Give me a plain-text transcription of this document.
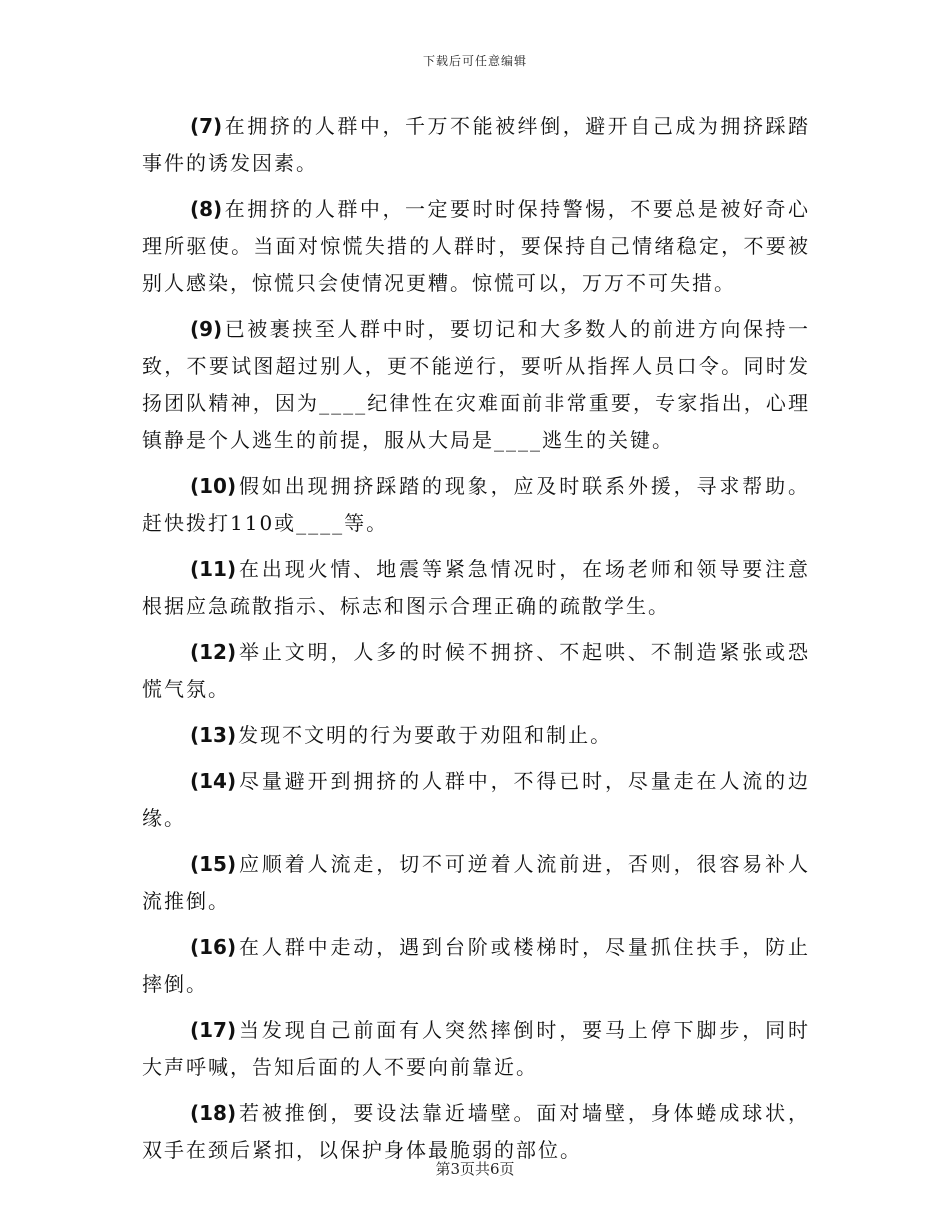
下载后可任意编辑

(7) 在拥挤的人群中，千万不能被绊倒，避开自己成为拥挤踩踏事件的诱发因素。

(8) 在拥挤的人群中，一定要时时保持警惕，不要总是被好奇心理所驱使。当面对惊慌失措的人群时，要保持自己情绪稳定，不要被别人感染，惊慌只会使情况更糟。惊慌可以，万万不可失措。

(9) 已被裹挟至人群中时，要切记和大多数人的前进方向保持一致，不要试图超过别人，更不能逆行，要听从指挥人员口令。同时发扬团队精神，因为____纪律性在灾难面前非常重要，专家指出，心理镇静是个人逃生的前提，服从大局是____逃生的关键。

(10) 假如出现拥挤踩踏的现象，应及时联系外援，寻求帮助。赶快拨打110或____等。

(11) 在出现火情、地震等紧急情况时，在场老师和领导要注意根据应急疏散指示、标志和图示合理正确的疏散学生。

(12) 举止文明，人多的时候不拥挤、不起哄、不制造紧张或恐慌气氛。

(13) 发现不文明的行为要敢于劝阻和制止。

(14) 尽量避开到拥挤的人群中，不得已时，尽量走在人流的边缘。

(15) 应顺着人流走，切不可逆着人流前进，否则，很容易补人流推倒。

(16) 在人群中走动，遇到台阶或楼梯时，尽量抓住扶手，防止摔倒。

(17) 当发现自己前面有人突然摔倒时，要马上停下脚步，同时大声呼喊，告知后面的人不要向前靠近。

(18) 若被推倒，要设法靠近墙壁。面对墙壁，身体蜷成球状，双手在颈后紧扣，以保护身体最脆弱的部位。

第3页共6页
